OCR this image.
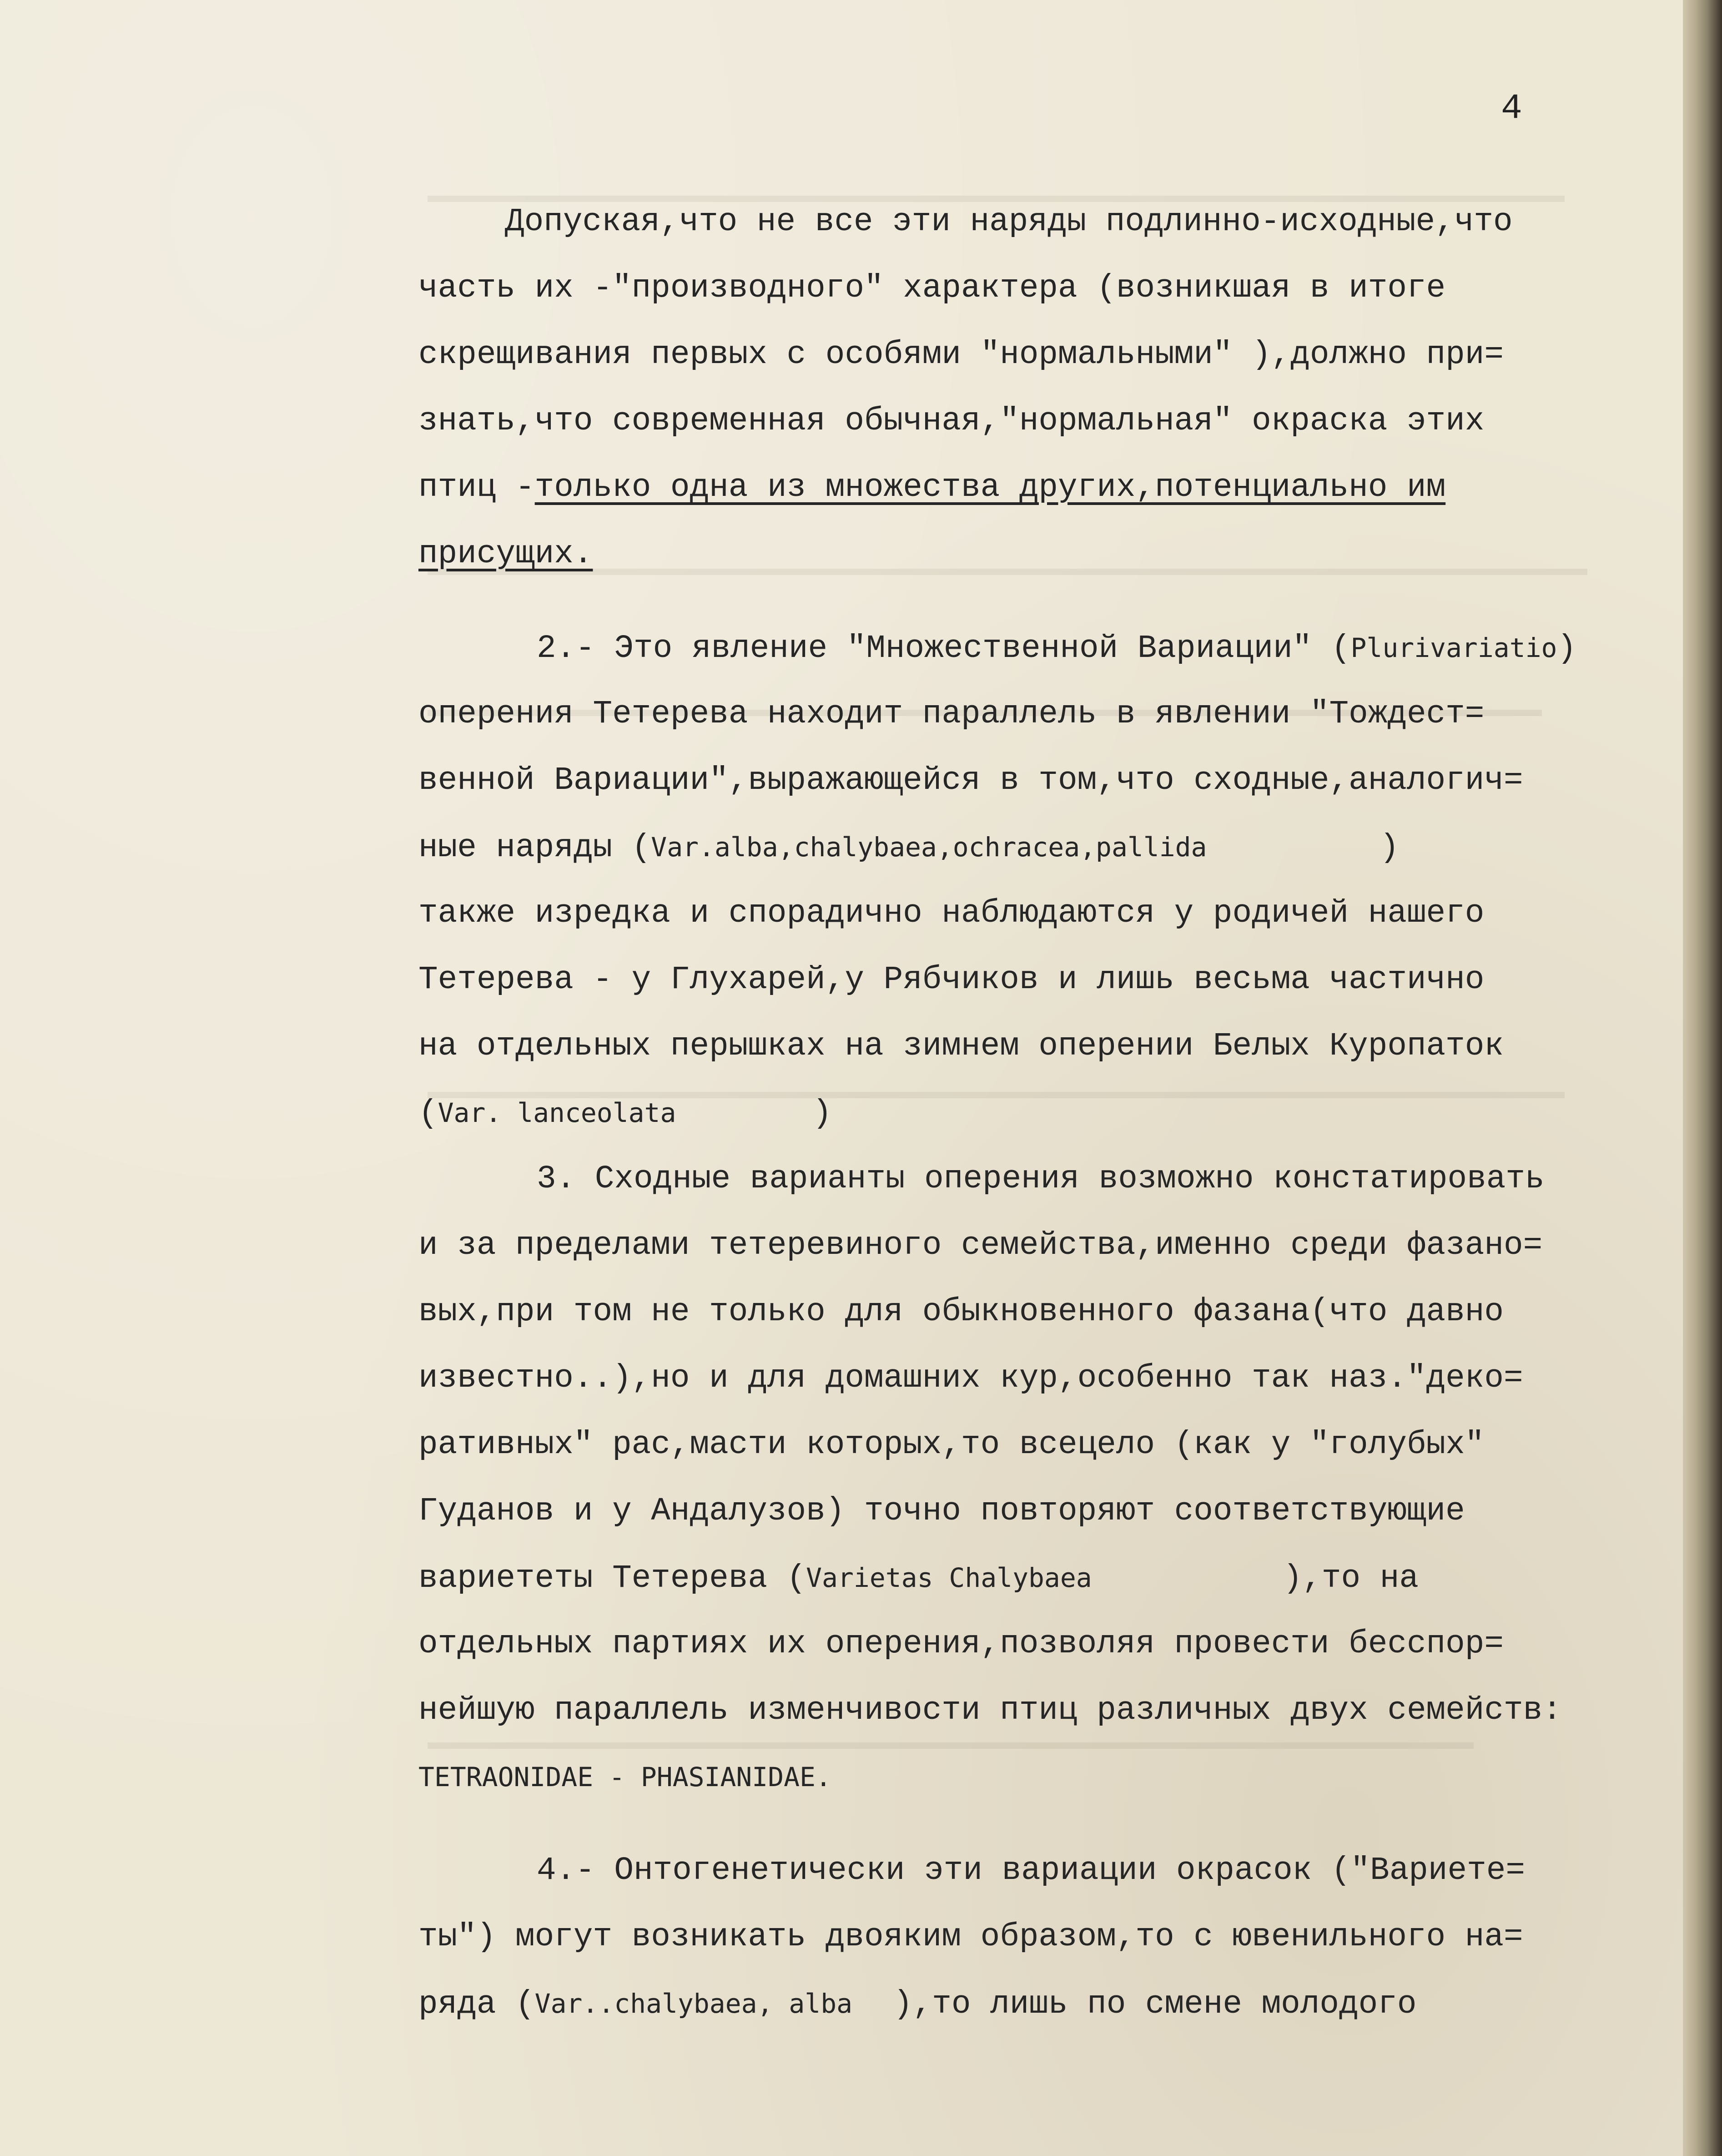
4
Допуская,что не все эти наряды подлинно-исходные,что
часть их -"производного" характера (возникшая в итоге
скрещивания первых с особями "нормальными" ),должно при=
знать,что современная обычная,"нормальная" окраска этих
птиц -только одна из множества других,потенциально им
присущих.
2.- Это явление "Множественной Вариации" (Plurivariatio)
оперения Тетерева находит параллель в явлении "Тождест=
венной Вариации",выражающейся в том,что сходные,аналогич=
ные наряды (Var.alba,chalybaea,ochracea,pallida	)
также изредка и спорадично наблюдаются у родичей нашего
Тетерева - у Глухарей,у Рябчиков и лишь весьма частично
на отдельных перышках на зимнем оперении Белых Куропаток
(Var. lanceolata	)
3. Сходные варианты оперения возможно констатировать
и за пределами тетеревиного семейства,именно среди фазано=
вых,при том не только для обыкновенного фазана(что давно
известно..),но и для домашних кур,особенно так наз."деко=
ративных" рас,масти которых,то всецело (как у "голубых"
Гуданов и у Андалузов) точно повторяют соответствующие
вариететы Тетерева (Varietas Chalybaea	),то на
отдельных партиях их оперения,позволяя провести бесспор=
нейшую параллель изменчивости птиц различных двух семейств:
TETRAONIDAE - PHASIANIDAE.
4.- Онтогенетически эти вариации окрасок ("Вариете=
ты") могут возникать двояким образом,то с ювенильного на=
ряда (Var..chalybaea, alba ),то лишь по смене молодого
